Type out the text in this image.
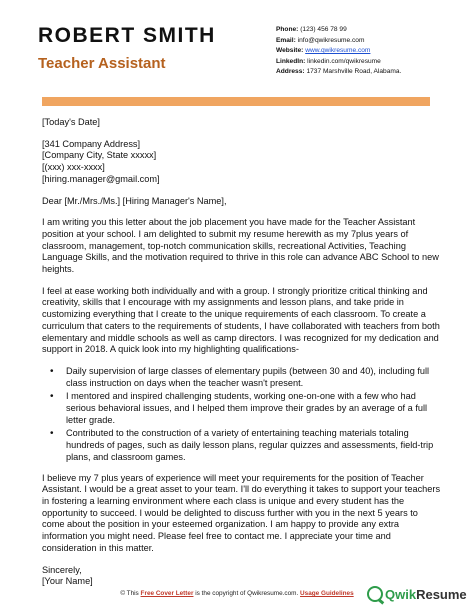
ROBERT SMITH
Teacher Assistant
Phone: (123) 456 78 99
Email: info@qwikresume.com
Website: www.qwikresume.com
LinkedIn: linkedin.com/qwikresume
Address: 1737 Marshville Road, Alabama.

[Today's Date]

[341 Company Address]
[Company City, State xxxxx]
[(xxx) xxx-xxxx]
[hiring.manager@gmail.com]

Dear [Mr./Mrs./Ms.] [Hiring Manager's Name],

I am writing you this letter about the job placement you have made for the Teacher Assistant position at your school. I am delighted to submit my resume herewith as my 7plus years of classroom, management, top-notch communication skills, recreational Activities, Teaching Language Skills, and the motivation required to thrive in this role can advance ABC School to new heights.

I feel at ease working both individually and with a group. I strongly prioritize critical thinking and creativity, skills that I encourage with my assignments and lesson plans, and take pride in customizing everything that I create to the unique requirements of each classroom. To create a curriculum that caters to the requirements of students, I have collaborated with teachers from both elementary and middle schools as well as camp directors. I was recognized for my dedication and support in 2018. A quick look into my highlighting qualifications-

• Daily supervision of large classes of elementary pupils (between 30 and 40), including full class instruction on days when the teacher wasn't present.
• I mentored and inspired challenging students, working one-on-one with a few who had serious behavioral issues, and I helped them improve their grades by an average of a full letter grade.
• Contributed to the construction of a variety of entertaining teaching materials totaling hundreds of pages, such as daily lesson plans, regular quizzes and assessments, field-trip plans, and classroom games.

I believe my 7 plus years of experience will meet your requirements for the position of Teacher Assistant. I would be a great asset to your team. I'll do everything it takes to support your teachers in fostering a learning environment where each class is unique and every student has the opportunity to succeed. I would be delighted to discuss further with you in the next 5 years to come about the position in your esteemed organization. I am happy to provide any extra information you might need. Please feel free to contact me. I appreciate your time and consideration in this matter.

Sincerely,
[Your Name]

© This Free Cover Letter is the copyright of Qwikresume.com. Usage Guidelines	Qwik Resume
